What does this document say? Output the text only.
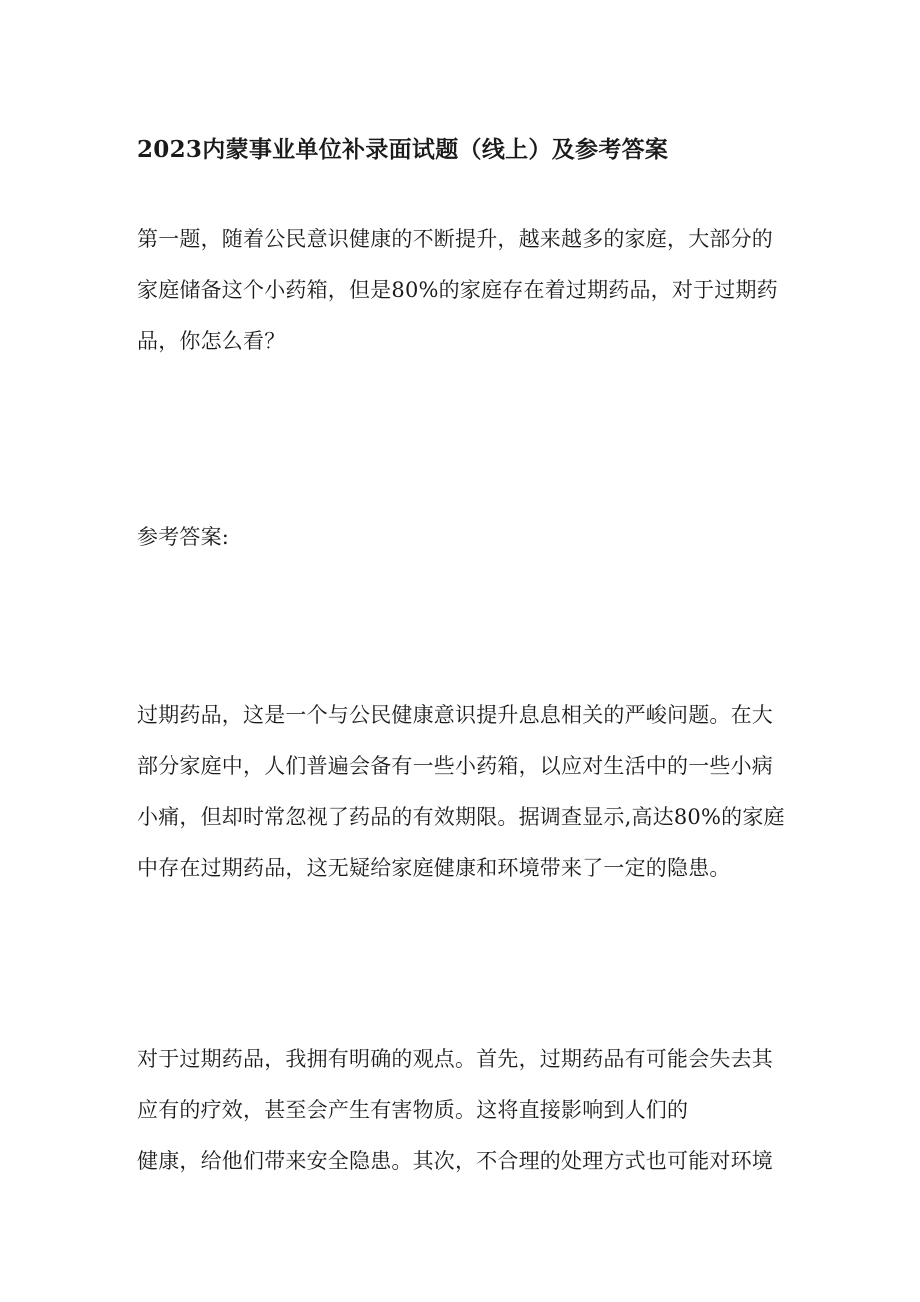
2023内蒙事业单位补录面试题（线上）及参考答案
第一题，随着公民意识健康的不断提升，越来越多的家庭，大部分的
家庭储备这个小药箱，但是80%的家庭存在着过期药品，对于过期药
品，你怎么看？
参考答案:
过期药品，这是一个与公民健康意识提升息息相关的严峻问题。在大
部分家庭中，人们普遍会备有一些小药箱，以应对生活中的一些小病
小痛，但却时常忽视了药品的有效期限。据调查显示,高达80%的家庭
中存在过期药品，这无疑给家庭健康和环境带来了一定的隐患。
对于过期药品，我拥有明确的观点。首先，过期药品有可能会失去其
应有的疗效，甚至会产生有害物质。这将直接影响到人们的
健康，给他们带来安全隐患。其次，不合理的处理方式也可能对环境
